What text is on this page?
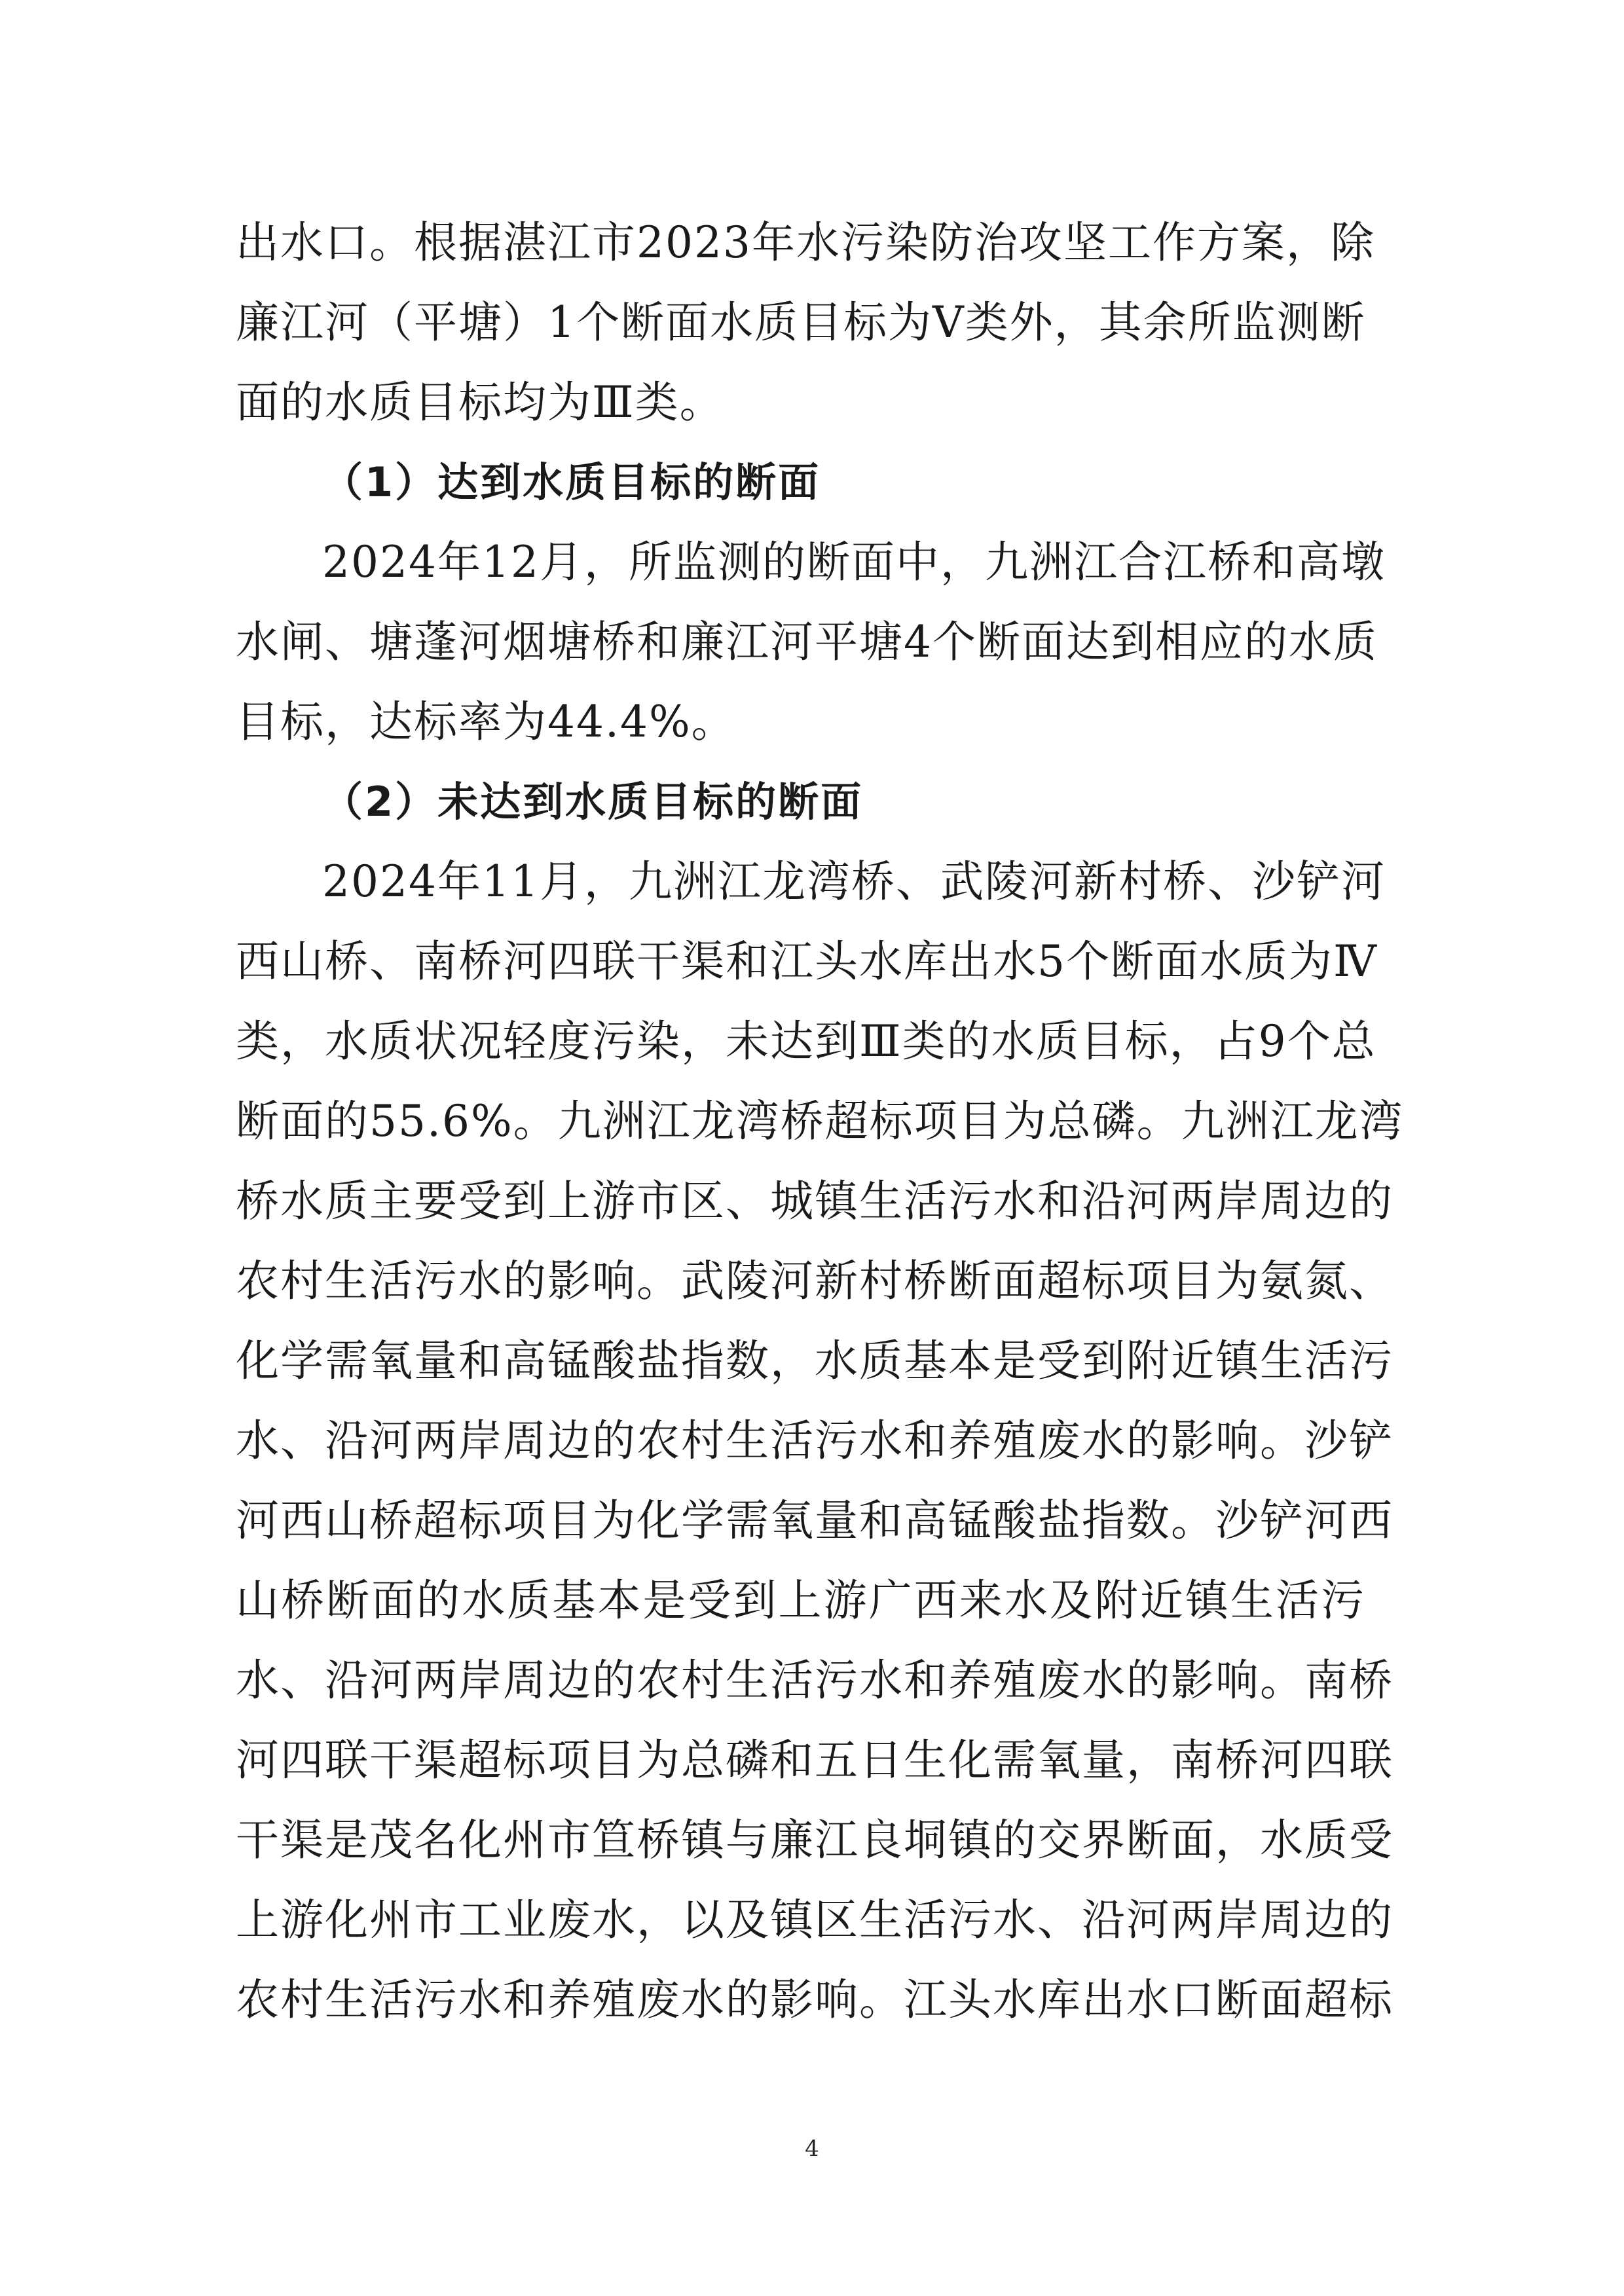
出水口。根据湛江市2023年水污染防治攻坚工作方案，除
廉江河（平塘）1个断面水质目标为Ⅴ类外，其余所监测断
面的水质目标均为Ⅲ类。
（1）达到水质目标的断面
2024年12月，所监测的断面中，九洲江合江桥和高墩
水闸、塘蓬河烟塘桥和廉江河平塘4个断面达到相应的水质
目标，达标率为44.4%。
（2）未达到水质目标的断面
2024年11月，九洲江龙湾桥、武陵河新村桥、沙铲河
西山桥、南桥河四联干渠和江头水库出水5个断面水质为Ⅳ
类，水质状况轻度污染，未达到Ⅲ类的水质目标，占9个总
断面的55.6%。九洲江龙湾桥超标项目为总磷。九洲江龙湾
桥水质主要受到上游市区、城镇生活污水和沿河两岸周边的
农村生活污水的影响。武陵河新村桥断面超标项目为氨氮、
化学需氧量和高锰酸盐指数，水质基本是受到附近镇生活污
水、沿河两岸周边的农村生活污水和养殖废水的影响。沙铲
河西山桥超标项目为化学需氧量和高锰酸盐指数。沙铲河西
山桥断面的水质基本是受到上游广西来水及附近镇生活污
水、沿河两岸周边的农村生活污水和养殖废水的影响。南桥
河四联干渠超标项目为总磷和五日生化需氧量，南桥河四联
干渠是茂名化州市笪桥镇与廉江良垌镇的交界断面，水质受
上游化州市工业废水，以及镇区生活污水、沿河两岸周边的
农村生活污水和养殖废水的影响。江头水库出水口断面超标
4
